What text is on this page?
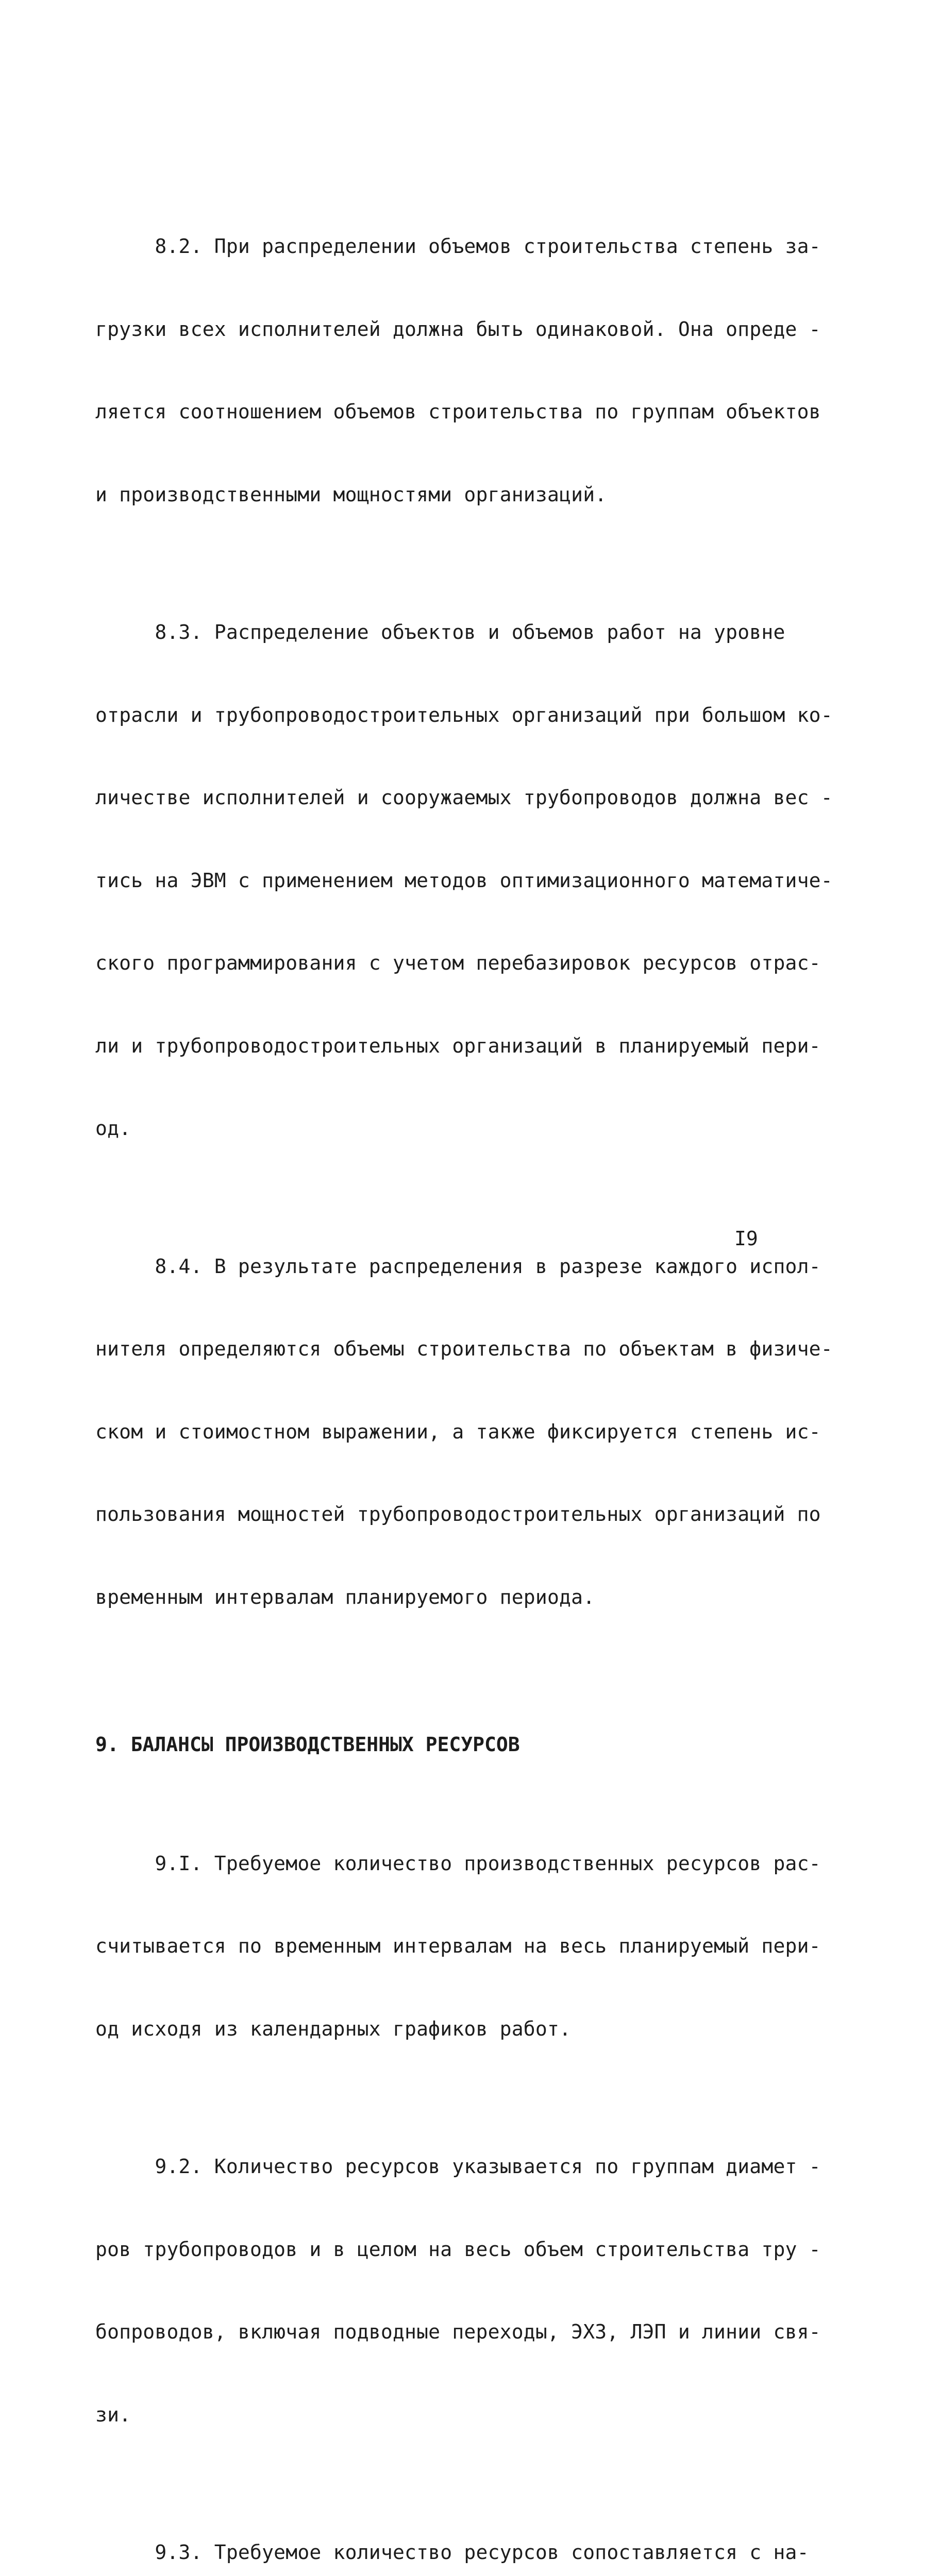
8.2. При распределении объемов строительства степень за-

грузки всех исполнителей должна быть одинаковой. Она опреде -

ляется соотношением объемов строительства по группам объектов

и производственными мощностями организаций.

8.3. Распределение объектов и объемов работ на уровне

отрасли и трубопроводостроительных организаций при большом ко-

личестве исполнителей и сооружаемых трубопроводов должна вес -

тись на ЭВМ с применением методов оптимизационного математиче-

ского программирования с учетом перебазировок ресурсов отрас-

ли и трубопроводостроительных организаций в планируемый пери-

од.

8.4. В результате распределения в разрезе каждого испол-

нителя определяются объемы строительства по объектам в физиче-

ском и стоимостном выражении, а также фиксируется степень ис-

пользования мощностей трубопроводостроительных организаций по

временным интервалам планируемого периода.

9. БАЛАНСЫ ПРОИЗВОДСТВЕННЫХ РЕСУРСОВ

9.I. Требуемое количество производственных ресурсов рас-

считывается по временным интервалам на весь планируемый пери-

од исходя из календарных графиков работ.

9.2. Количество ресурсов указывается по группам диамет -

ров трубопроводов и в целом на весь объем строительства тру -

бопроводов, включая подводные переходы, ЭХЗ, ЛЭП и линии свя-

зи.

9.3. Требуемое количество ресурсов сопоставляется с на-

I9
